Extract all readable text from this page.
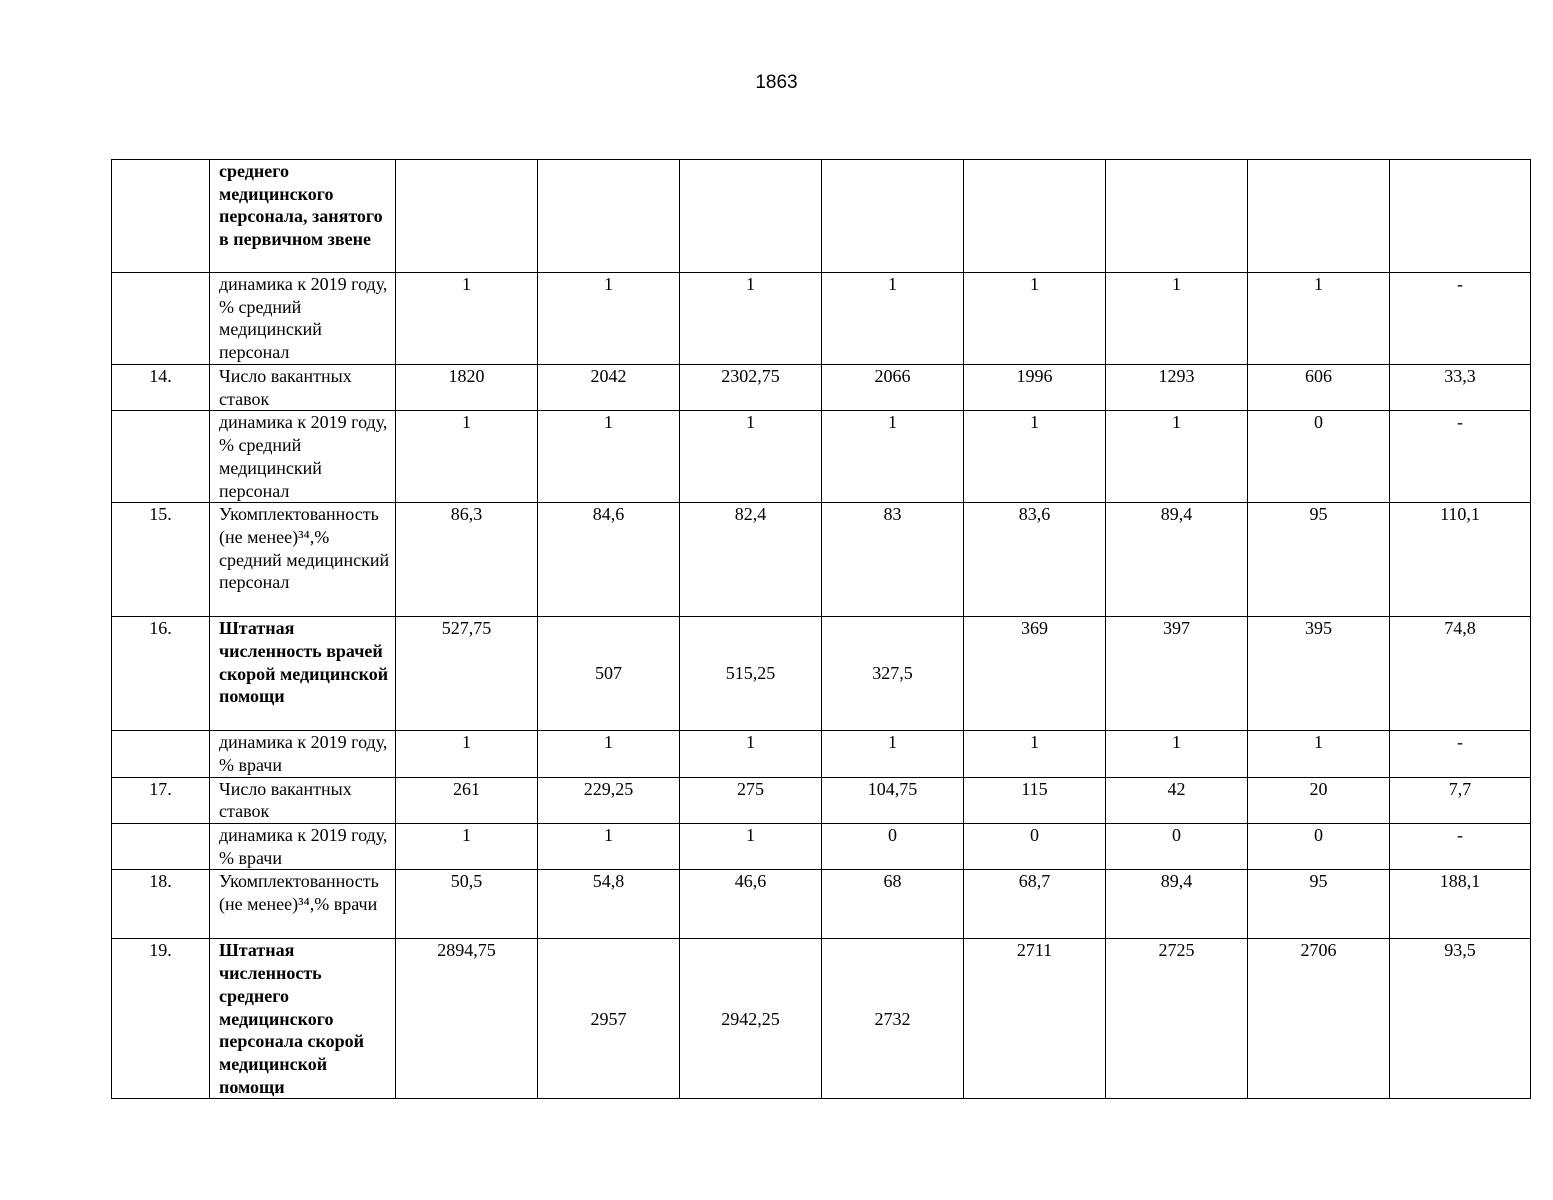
1863
	среднего медицинского персонала, занятого в первичном звене								
	динамика к 2019 году, % средний медицинский персонал	1	1	1	1	1	1	1	-
14.	Число вакантных ставок	1820	2042	2302,75	2066	1996	1293	606	33,3
	динамика к 2019 году, % средний медицинский персонал	1	1	1	1	1	1	0	-
15.	Укомплектованность (не менее)³⁴,% средний медицинский персонал	86,3	84,6	82,4	83	83,6	89,4	95	110,1
16.	Штатная численность врачей скорой медицинской помощи	527,75	507	515,25	327,5	369	397	395	74,8
	динамика к 2019 году, % врачи	1	1	1	1	1	1	1	-
17.	Число вакантных ставок	261	229,25	275	104,75	115	42	20	7,7
	динамика к 2019 году, % врачи	1	1	1	0	0	0	0	-
18.	Укомплектованность (не менее)³⁴,% врачи	50,5	54,8	46,6	68	68,7	89,4	95	188,1
19.	Штатная численность среднего медицинского персонала скорой медицинской помощи	2894,75	2957	2942,25	2732	2711	2725	2706	93,5
